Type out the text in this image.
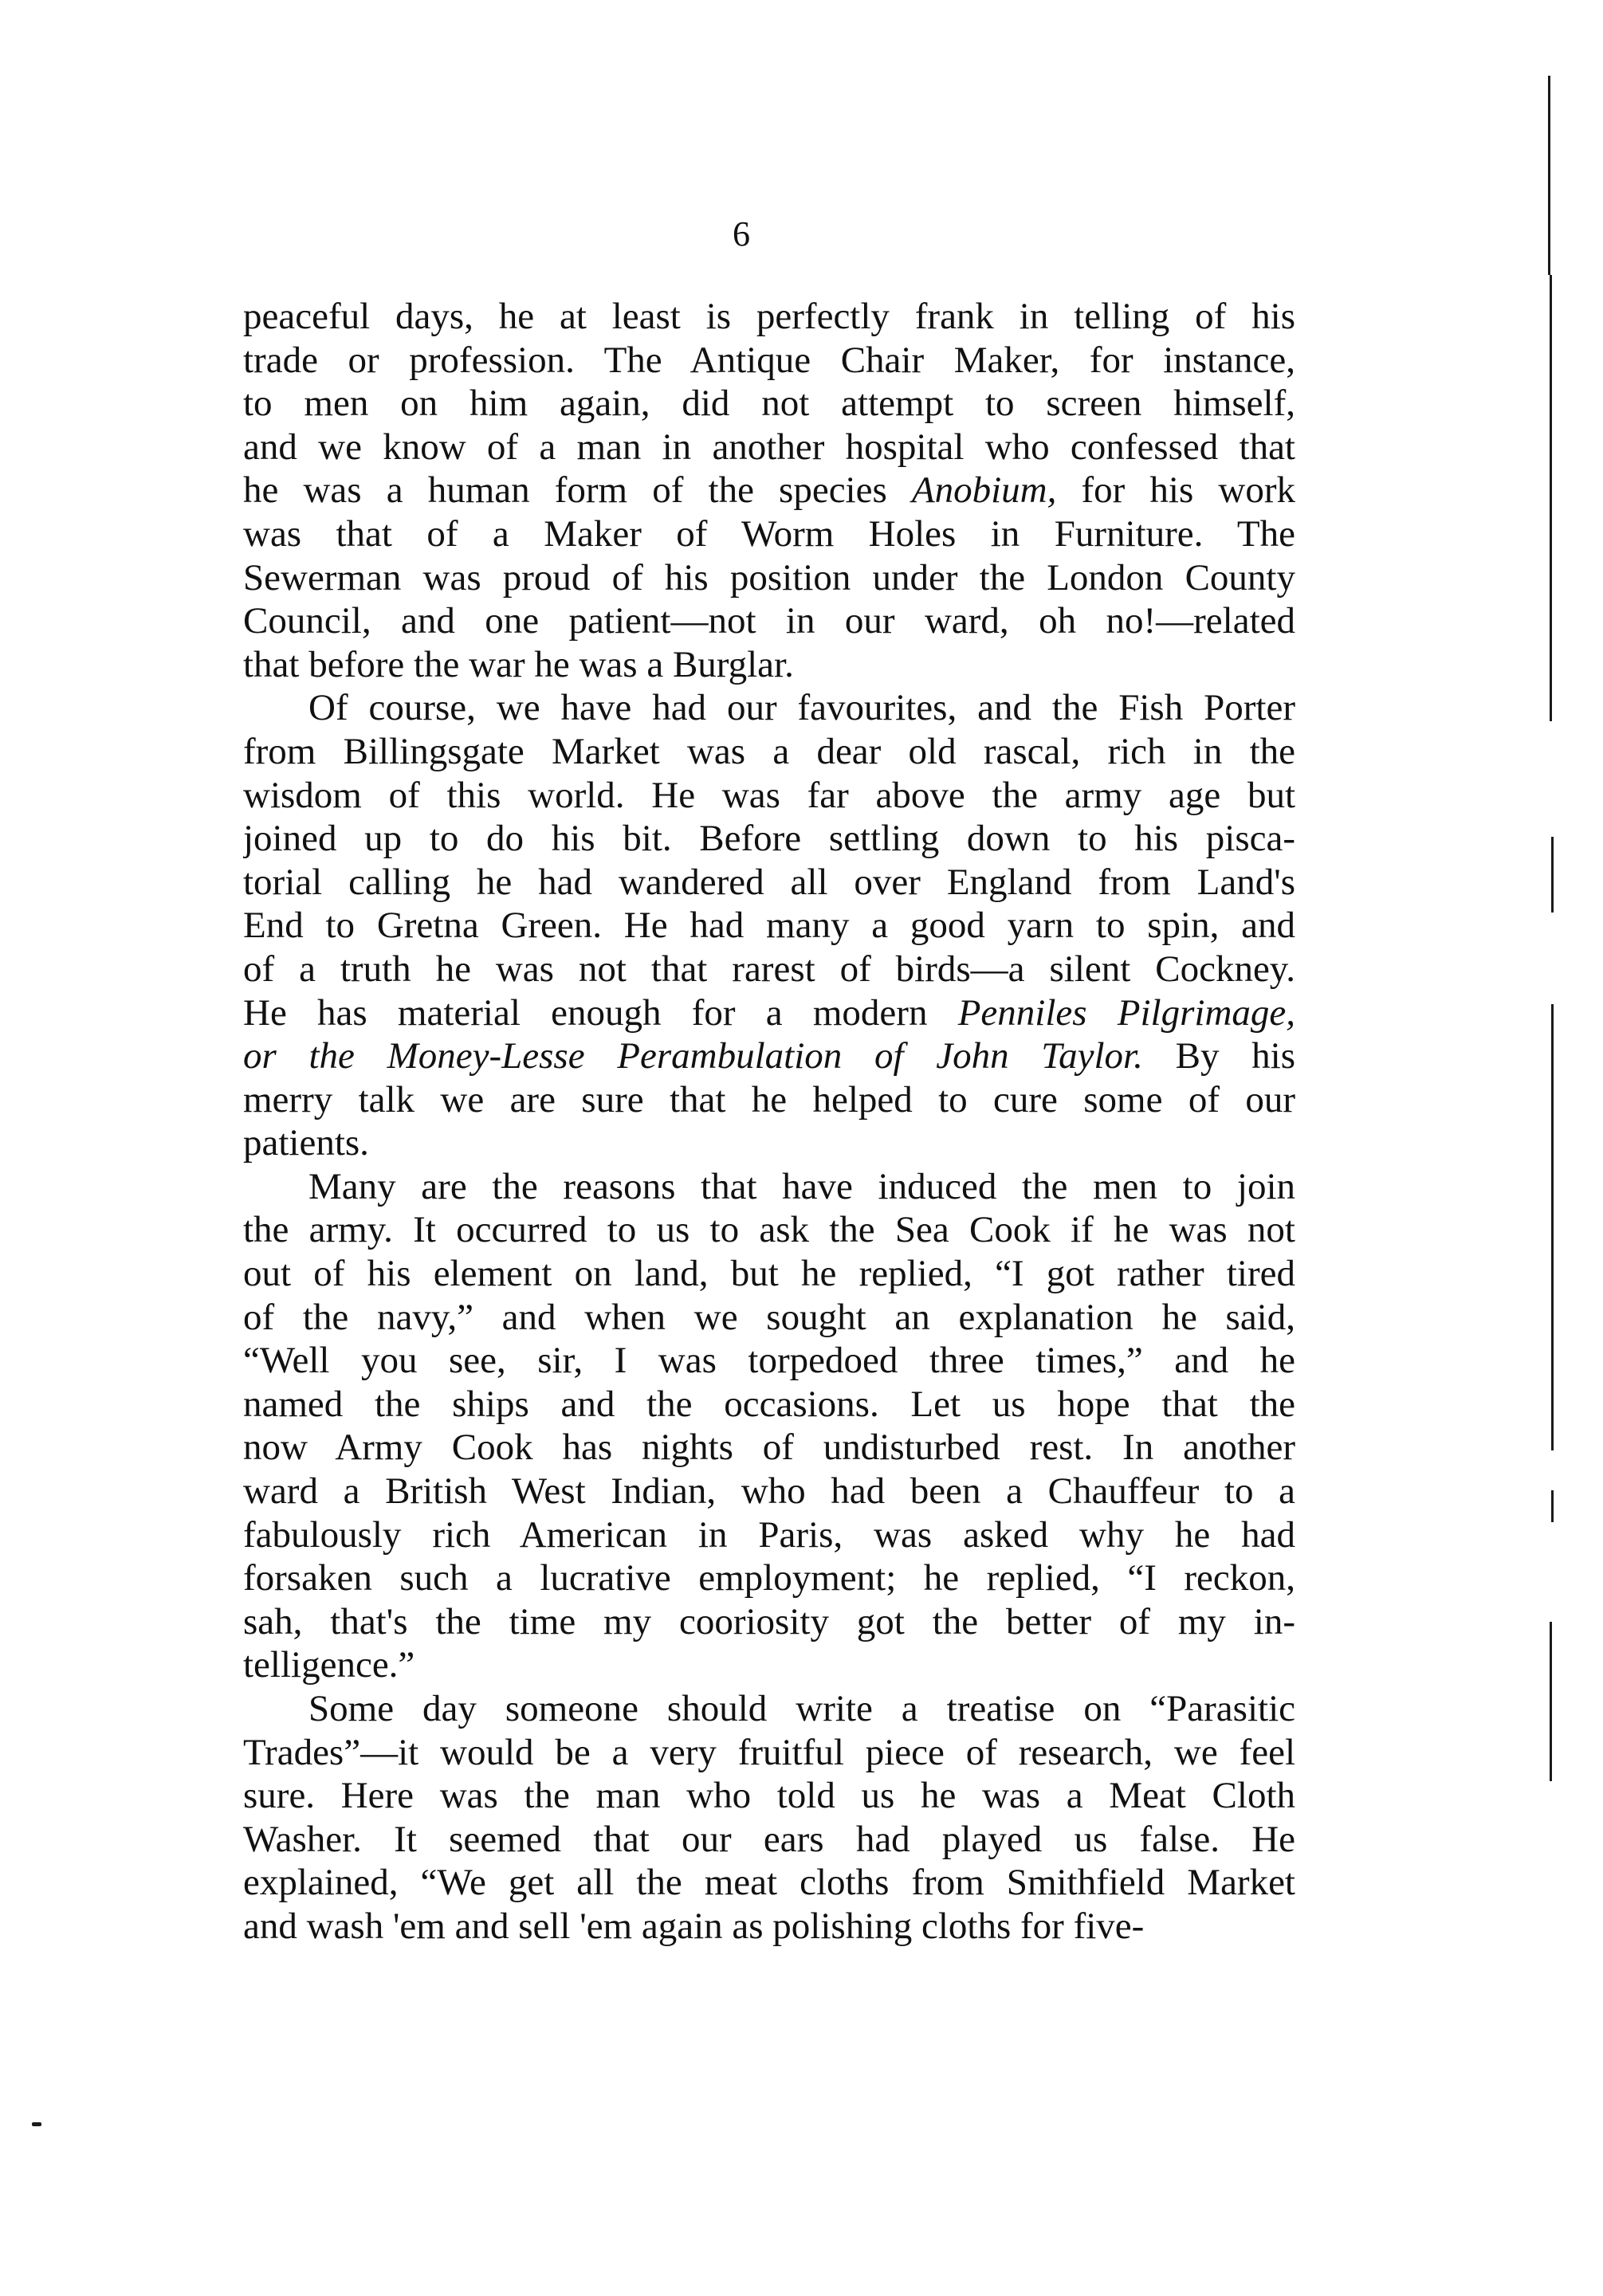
6
peaceful days, he at least is perfectly frank in telling of his
trade or profession. The Antique Chair Maker, for instance,
to men on him again, did not attempt to screen himself,
and we know of a man in another hospital who confessed that
he was a human form of the species Anobium, for his work
was that of a Maker of Worm Holes in Furniture. The
Sewerman was proud of his position under the London County
Council, and one patient—not in our ward, oh no!—related
that before the war he was a Burglar.
Of course, we have had our favourites, and the Fish Porter
from Billingsgate Market was a dear old rascal, rich in the
wisdom of this world. He was far above the army age but
joined up to do his bit. Before settling down to his pisca-
torial calling he had wandered all over England from Land's
End to Gretna Green. He had many a good yarn to spin, and
of a truth he was not that rarest of birds—a silent Cockney.
He has material enough for a modern Penniles Pilgrimage,
or the Money-Lesse Perambulation of John Taylor. By his
merry talk we are sure that he helped to cure some of our
patients.
Many are the reasons that have induced the men to join
the army. It occurred to us to ask the Sea Cook if he was not
out of his element on land, but he replied, “I got rather tired
of the navy,” and when we sought an explanation he said,
“Well you see, sir, I was torpedoed three times,” and he
named the ships and the occasions. Let us hope that the
now Army Cook has nights of undisturbed rest. In another
ward a British West Indian, who had been a Chauffeur to a
fabulously rich American in Paris, was asked why he had
forsaken such a lucrative employment; he replied, “I reckon,
sah, that's the time my cooriosity got the better of my in-
telligence.”
Some day someone should write a treatise on “Parasitic
Trades”—it would be a very fruitful piece of research, we feel
sure. Here was the man who told us he was a Meat Cloth
Washer. It seemed that our ears had played us false. He
explained, “We get all the meat cloths from Smithfield Market
and wash 'em and sell 'em again as polishing cloths for five-
